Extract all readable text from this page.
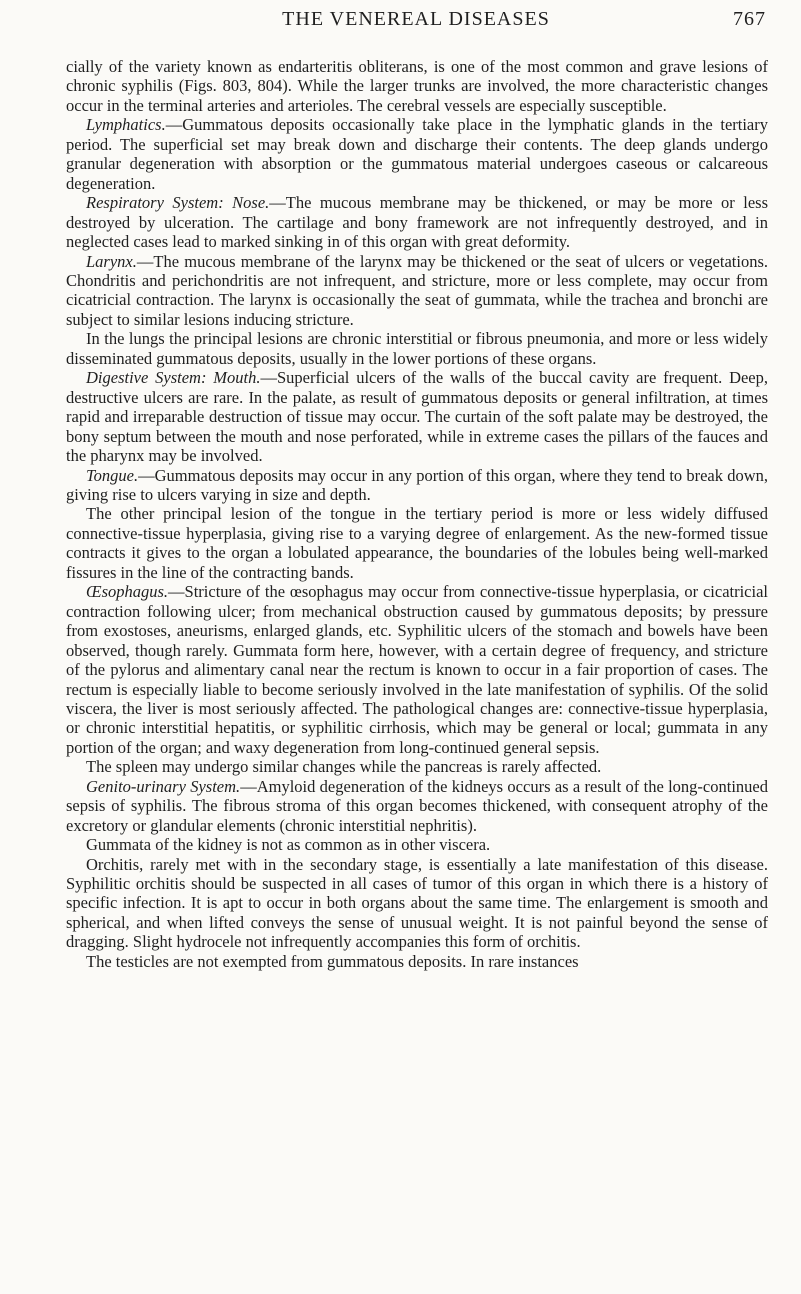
THE VENEREAL DISEASES	767

cially of the variety known as endarteritis obliterans, is one of the most common and grave lesions of chronic syphilis (Figs. 803, 804). While the larger trunks are involved, the more characteristic changes occur in the terminal arteries and arterioles. The cerebral vessels are especially susceptible.

Lymphatics.—Gummatous deposits occasionally take place in the lymphatic glands in the tertiary period. The superficial set may break down and discharge their contents. The deep glands undergo granular degeneration with absorption or the gummatous material undergoes caseous or calcareous degeneration.

Respiratory System: Nose.—The mucous membrane may be thickened, or may be more or less destroyed by ulceration. The cartilage and bony framework are not infrequently destroyed, and in neglected cases lead to marked sinking in of this organ with great deformity.

Larynx.—The mucous membrane of the larynx may be thickened or the seat of ulcers or vegetations. Chondritis and perichondritis are not infrequent, and stricture, more or less complete, may occur from cicatricial contraction. The larynx is occasionally the seat of gummata, while the trachea and bronchi are subject to similar lesions inducing stricture.

In the lungs the principal lesions are chronic interstitial or fibrous pneumonia, and more or less widely disseminated gummatous deposits, usually in the lower portions of these organs.

Digestive System: Mouth.—Superficial ulcers of the walls of the buccal cavity are frequent. Deep, destructive ulcers are rare. In the palate, as result of gummatous deposits or general infiltration, at times rapid and irreparable destruction of tissue may occur. The curtain of the soft palate may be destroyed, the bony septum between the mouth and nose perforated, while in extreme cases the pillars of the fauces and the pharynx may be involved.

Tongue.—Gummatous deposits may occur in any portion of this organ, where they tend to break down, giving rise to ulcers varying in size and depth.

The other principal lesion of the tongue in the tertiary period is more or less widely diffused connective-tissue hyperplasia, giving rise to a varying degree of enlargement. As the new-formed tissue contracts it gives to the organ a lobulated appearance, the boundaries of the lobules being well-marked fissures in the line of the contracting bands.

Œsophagus.—Stricture of the œsophagus may occur from connective-tissue hyperplasia, or cicatricial contraction following ulcer; from mechanical obstruction caused by gummatous deposits; by pressure from exostoses, aneurisms, enlarged glands, etc. Syphilitic ulcers of the stomach and bowels have been observed, though rarely. Gummata form here, however, with a certain degree of frequency, and stricture of the pylorus and alimentary canal near the rectum is known to occur in a fair proportion of cases. The rectum is especially liable to become seriously involved in the late manifestation of syphilis. Of the solid viscera, the liver is most seriously affected. The pathological changes are: connective-tissue hyperplasia, or chronic interstitial hepatitis, or syphilitic cirrhosis, which may be general or local; gummata in any portion of the organ; and waxy degeneration from long-continued general sepsis.

The spleen may undergo similar changes while the pancreas is rarely affected.

Genito-urinary System.—Amyloid degeneration of the kidneys occurs as a result of the long-continued sepsis of syphilis. The fibrous stroma of this organ becomes thickened, with consequent atrophy of the excretory or glandular elements (chronic interstitial nephritis).

Gummata of the kidney is not as common as in other viscera.

Orchitis, rarely met with in the secondary stage, is essentially a late manifestation of this disease. Syphilitic orchitis should be suspected in all cases of tumor of this organ in which there is a history of specific infection. It is apt to occur in both organs about the same time. The enlargement is smooth and spherical, and when lifted conveys the sense of unusual weight. It is not painful beyond the sense of dragging. Slight hydrocele not infrequently accompanies this form of orchitis.

The testicles are not exempted from gummatous deposits. In rare instances
